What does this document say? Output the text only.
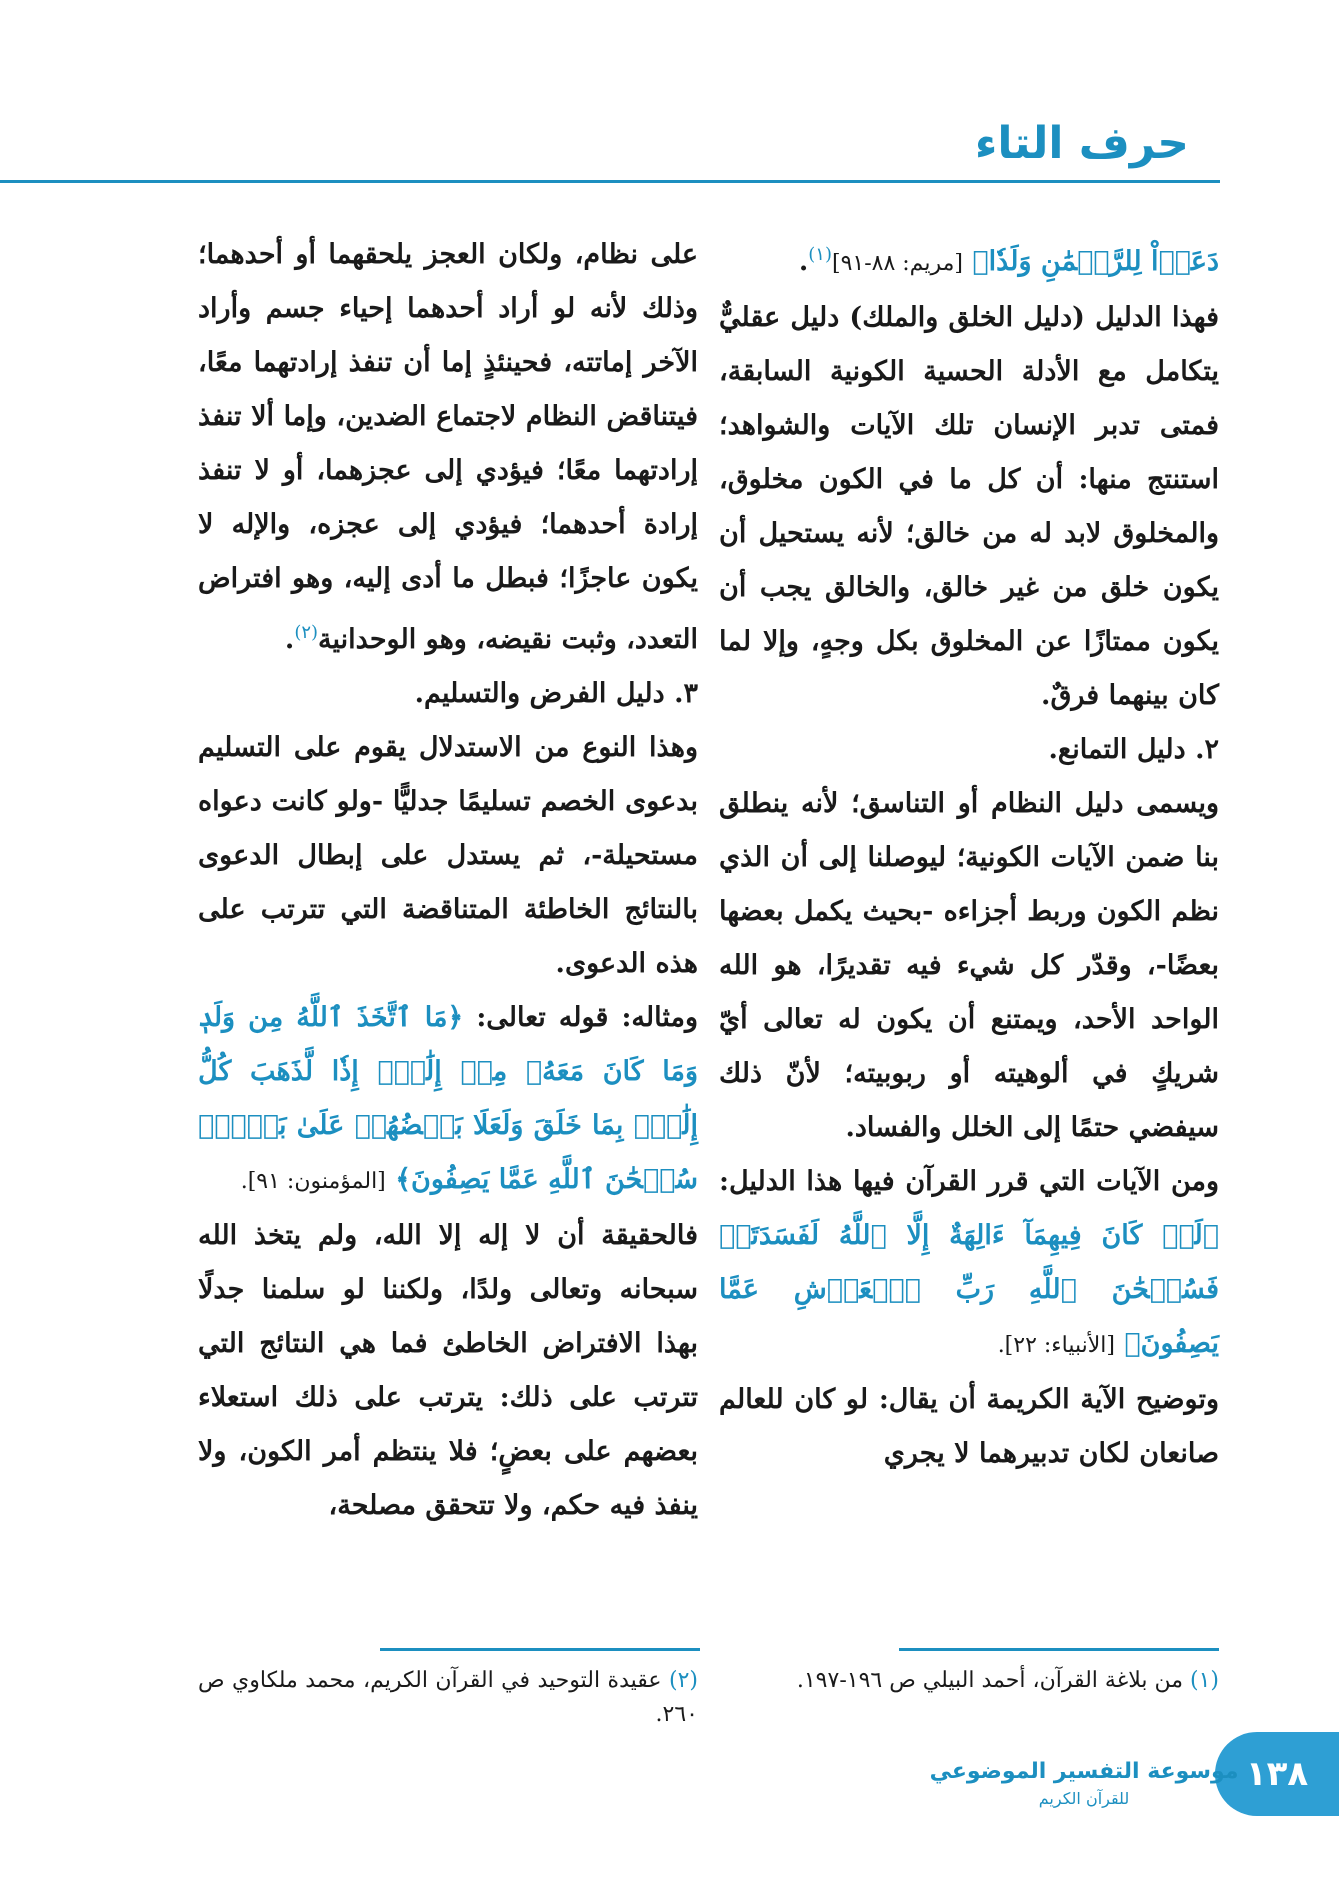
حرف التاء

دَعَوۡاْ لِلرَّحۡمَٰنِ وَلَدٗا﴾ [مريم: ٨٨-٩١]$^{(١)}$.

فهذا الدليل (دليل الخلق والملك) دليل عقليٌّ يتكامل مع الأدلة الحسية الكونية السابقة، فمتى تدبر الإنسان تلك الآيات والشواهد؛ استنتج منها: أن كل ما في الكون مخلوق، والمخلوق لابد له من خالق؛ لأنه يستحيل أن يكون خلق من غير خالق، والخالق يجب أن يكون ممتازًا عن المخلوق بكل وجهٍ، وإلا لما كان بينهما فرقٌ.

٢. دليل التمانع.

ويسمى دليل النظام أو التناسق؛ لأنه ينطلق بنا ضمن الآيات الكونية؛ ليوصلنا إلى أن الذي نظم الكون وربط أجزاءه -بحيث يكمل بعضها بعضًا-، وقدّر كل شيء فيه تقديرًا، هو الله الواحد الأحد، ويمتنع أن يكون له تعالى أيّ شريكٍ في ألوهيته أو ربوبيته؛ لأنّ ذلك سيفضي حتمًا إلى الخلل والفساد.

ومن الآيات التي قرر القرآن فيها هذا الدليل: ﴿لَوۡ كَانَ فِيهِمَآ ءَالِهَةٌ إِلَّا ٱللَّهُ لَفَسَدَتَاۚ فَسُبۡحَٰنَ ٱللَّهِ رَبِّ ٱلۡعَرۡشِ عَمَّا يَصِفُونَ﴾ [الأنبياء: ٢٢].

وتوضيح الآية الكريمة أن يقال: لو كان للعالم صانعان لكان تدبيرهما لا يجري

على نظام، ولكان العجز يلحقهما أو أحدهما؛ وذلك لأنه لو أراد أحدهما إحياء جسم وأراد الآخر إماتته، فحينئذٍ إما أن تنفذ إرادتهما معًا، فيتناقض النظام لاجتماع الضدين، وإما ألا تنفذ إرادتهما معًا؛ فيؤدي إلى عجزهما، أو لا تنفذ إرادة أحدهما؛ فيؤدي إلى عجزه، والإله لا يكون عاجزًا؛ فبطل ما أدى إليه، وهو افتراض التعدد، وثبت نقيضه، وهو الوحدانية$^{(٢)}$.

٣. دليل الفرض والتسليم.

وهذا النوع من الاستدلال يقوم على التسليم بدعوى الخصم تسليمًا جدليًّا -ولو كانت دعواه مستحيلة-، ثم يستدل على إبطال الدعوى بالنتائج الخاطئة المتناقضة التي تترتب على هذه الدعوى.

ومثاله: قوله تعالى: ﴿مَا ٱتَّخَذَ ٱللَّهُ مِن وَلَدٖ وَمَا كَانَ مَعَهُۥ مِنۡ إِلَٰهٍۚ إِذٗا لَّذَهَبَ كُلُّ إِلَٰهِۭ بِمَا خَلَقَ وَلَعَلَا بَعۡضُهُمۡ عَلَىٰ بَعۡضٖۚ سُبۡحَٰنَ ٱللَّهِ عَمَّا يَصِفُونَ﴾ [المؤمنون: ٩١].

فالحقيقة أن لا إله إلا الله، ولم يتخذ الله سبحانه وتعالى ولدًا، ولكننا لو سلمنا جدلًا بهذا الافتراض الخاطئ فما هي النتائج التي تترتب على ذلك: يترتب على ذلك استعلاء بعضهم على بعضٍ؛ فلا ينتظم أمر الكون، ولا ينفذ فيه حكم، ولا تتحقق مصلحة،

(١) من بلاغة القرآن، أحمد البيلي ص ١٩٦-١٩٧.
(٢) عقيدة التوحيد في القرآن الكريم، محمد ملكاوي ص ٢٦٠.
١٣٨
موسوعة التفسير الموضوعي
للقرآن الكريم
